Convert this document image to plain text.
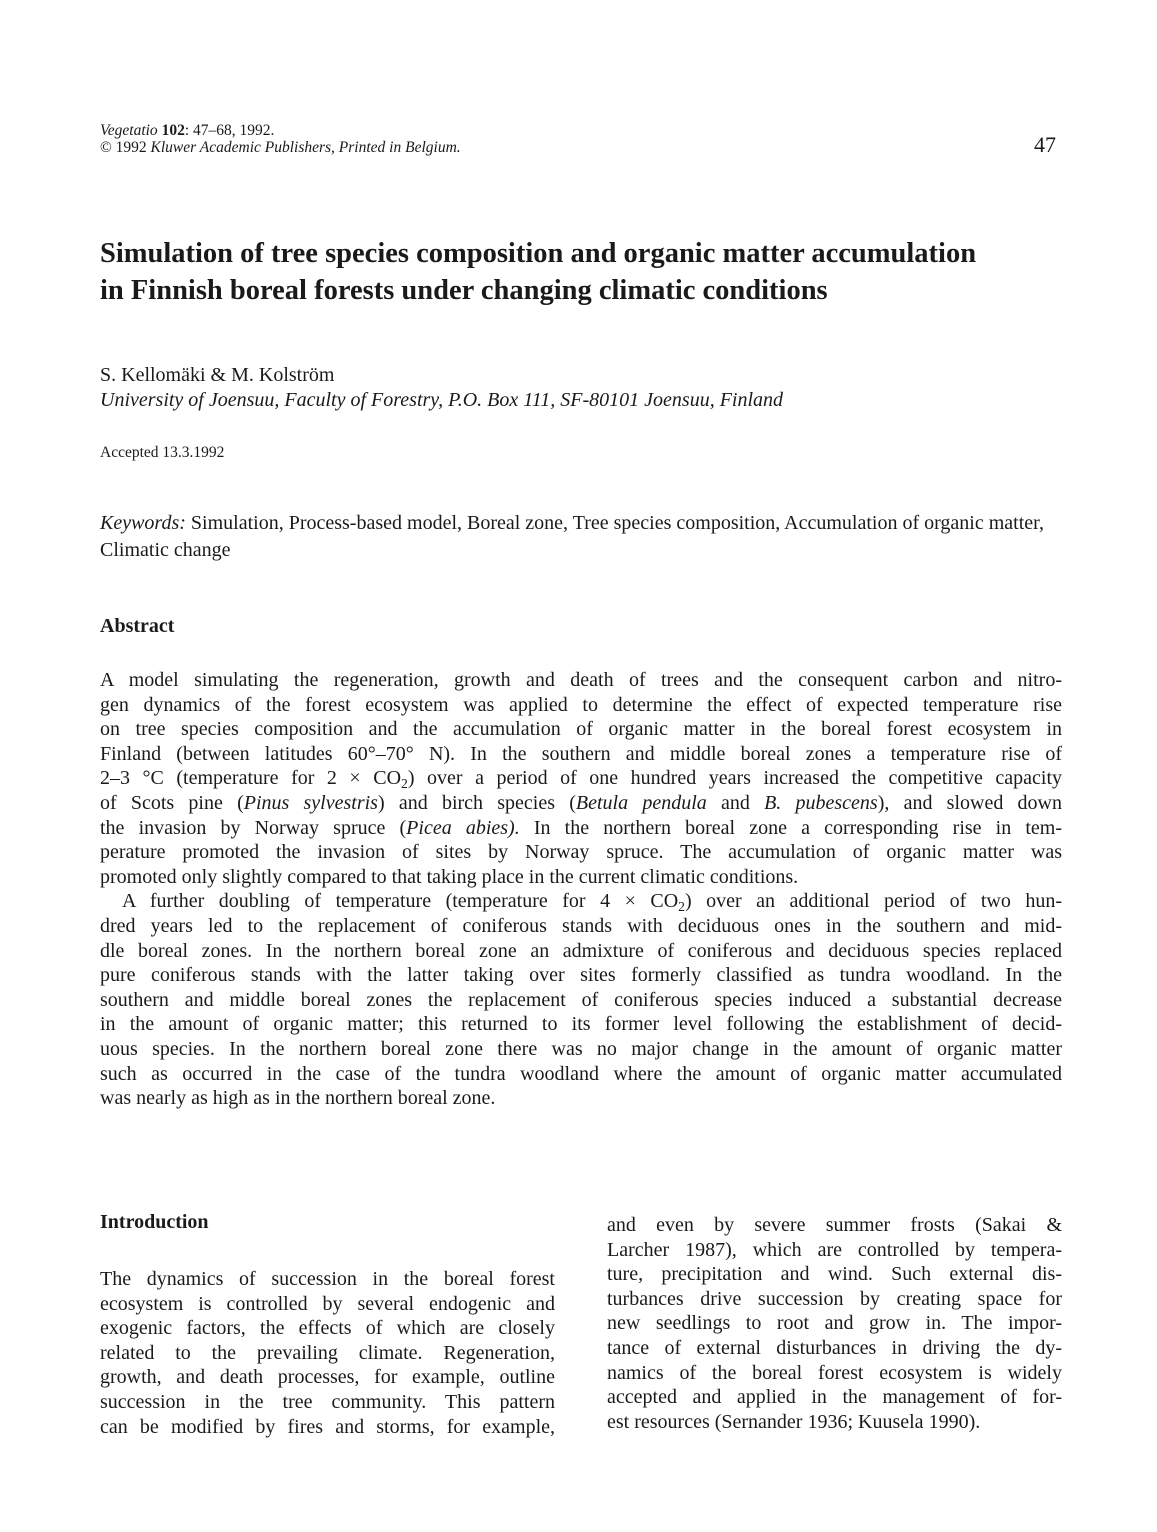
Vegetatio 102: 47–68, 1992.
© 1992 Kluwer Academic Publishers, Printed in Belgium.	47
Simulation of tree species composition and organic matter accumulation
in Finnish boreal forests under changing climatic conditions
S. Kellomäki & M. Kolström
University of Joensuu, Faculty of Forestry, P.O. Box 111, SF-80101 Joensuu, Finland
Accepted 13.3.1992
Keywords: Simulation, Process-based model, Boreal zone, Tree species composition, Accumulation of organic matter, Climatic change
Abstract
A model simulating the regeneration, growth and death of trees and the consequent carbon and nitro-
gen dynamics of the forest ecosystem was applied to determine the effect of expected temperature rise
on tree species composition and the accumulation of organic matter in the boreal forest ecosystem in
Finland (between latitudes 60°–70° N). In the southern and middle boreal zones a temperature rise of
2–3 °C (temperature for $2 \times CO_2$) over a period of one hundred years increased the competitive capacity
of Scots pine (Pinus sylvestris) and birch species (Betula pendula and B. pubescens), and slowed down
the invasion by Norway spruce (Picea abies). In the northern boreal zone a corresponding rise in tem-
perature promoted the invasion of sites by Norway spruce. The accumulation of organic matter was
promoted only slightly compared to that taking place in the current climatic conditions.
A further doubling of temperature (temperature for $4 \times CO_2$) over an additional period of two hun-
dred years led to the replacement of coniferous stands with deciduous ones in the southern and mid-
dle boreal zones. In the northern boreal zone an admixture of coniferous and deciduous species replaced
pure coniferous stands with the latter taking over sites formerly classified as tundra woodland. In the
southern and middle boreal zones the replacement of coniferous species induced a substantial decrease
in the amount of organic matter; this returned to its former level following the establishment of decid-
uous species. In the northern boreal zone there was no major change in the amount of organic matter
such as occurred in the case of the tundra woodland where the amount of organic matter accumulated
was nearly as high as in the northern boreal zone.
Introduction
The dynamics of succession in the boreal forest
ecosystem is controlled by several endogenic and
exogenic factors, the effects of which are closely
related to the prevailing climate. Regeneration,
growth, and death processes, for example, outline
succession in the tree community. This pattern
can be modified by fires and storms, for example,
and even by severe summer frosts (Sakai &
Larcher 1987), which are controlled by tempera-
ture, precipitation and wind. Such external dis-
turbances drive succession by creating space for
new seedlings to root and grow in. The impor-
tance of external disturbances in driving the dy-
namics of the boreal forest ecosystem is widely
accepted and applied in the management of for-
est resources (Sernander 1936; Kuusela 1990).
